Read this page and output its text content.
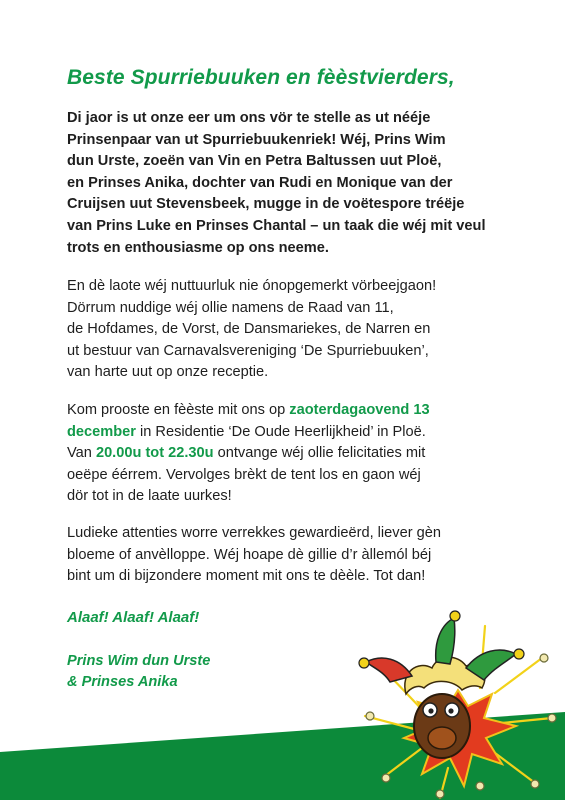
Beste Spurriebuuken en fèèstvierders,

Di jaor is ut onze eer um ons vör te stelle as ut nééje
Prinsenpaar van ut Spurriebuukenriek! Wéj, Prins Wim
dun Urste, zoeën van Vin en Petra Baltussen uut Ploë,
en Prinses Anika, dochter van Rudi en Monique van der
Cruijsen uut Stevensbeek, mugge in de voëtespore tréëje
van Prins Luke en Prinses Chantal – un taak die wéj mit veul
trots en enthousiasme op ons neeme.

En dè laote wéj nuttuurluk nie ónopgemerkt vörbeejgaon!
Dörrum nuddige wéj ollie namens de Raad van 11,
de Hofdames, de Vorst, de Dansmariekes, de Narren en
ut bestuur van Carnavalsvereniging ‘De Spurriebuuken’,
van harte uut op onze receptie.

Kom prooste en fèèste mit ons op zaoterdagaovend 13
december in Residentie ‘De Oude Heerlijkheid’ in Ploë.
Van 20.00u tot 22.30u ontvange wéj ollie felicitaties mit
oeëpe éérrem. Vervolges brèkt de tent los en gaon wéj
dör tot in de laate uurkes!

Ludieke attenties worre verrekkes gewardieërd, liever gèn
bloeme of anvèlloppe. Wéj hoape dè gillie d’r àllemól béj
bint um di bijzondere moment mit ons te dèèle. Tot dan!

Alaaf! Alaaf! Alaaf!

Prins Wim dun Urste
& Prinses Anika
